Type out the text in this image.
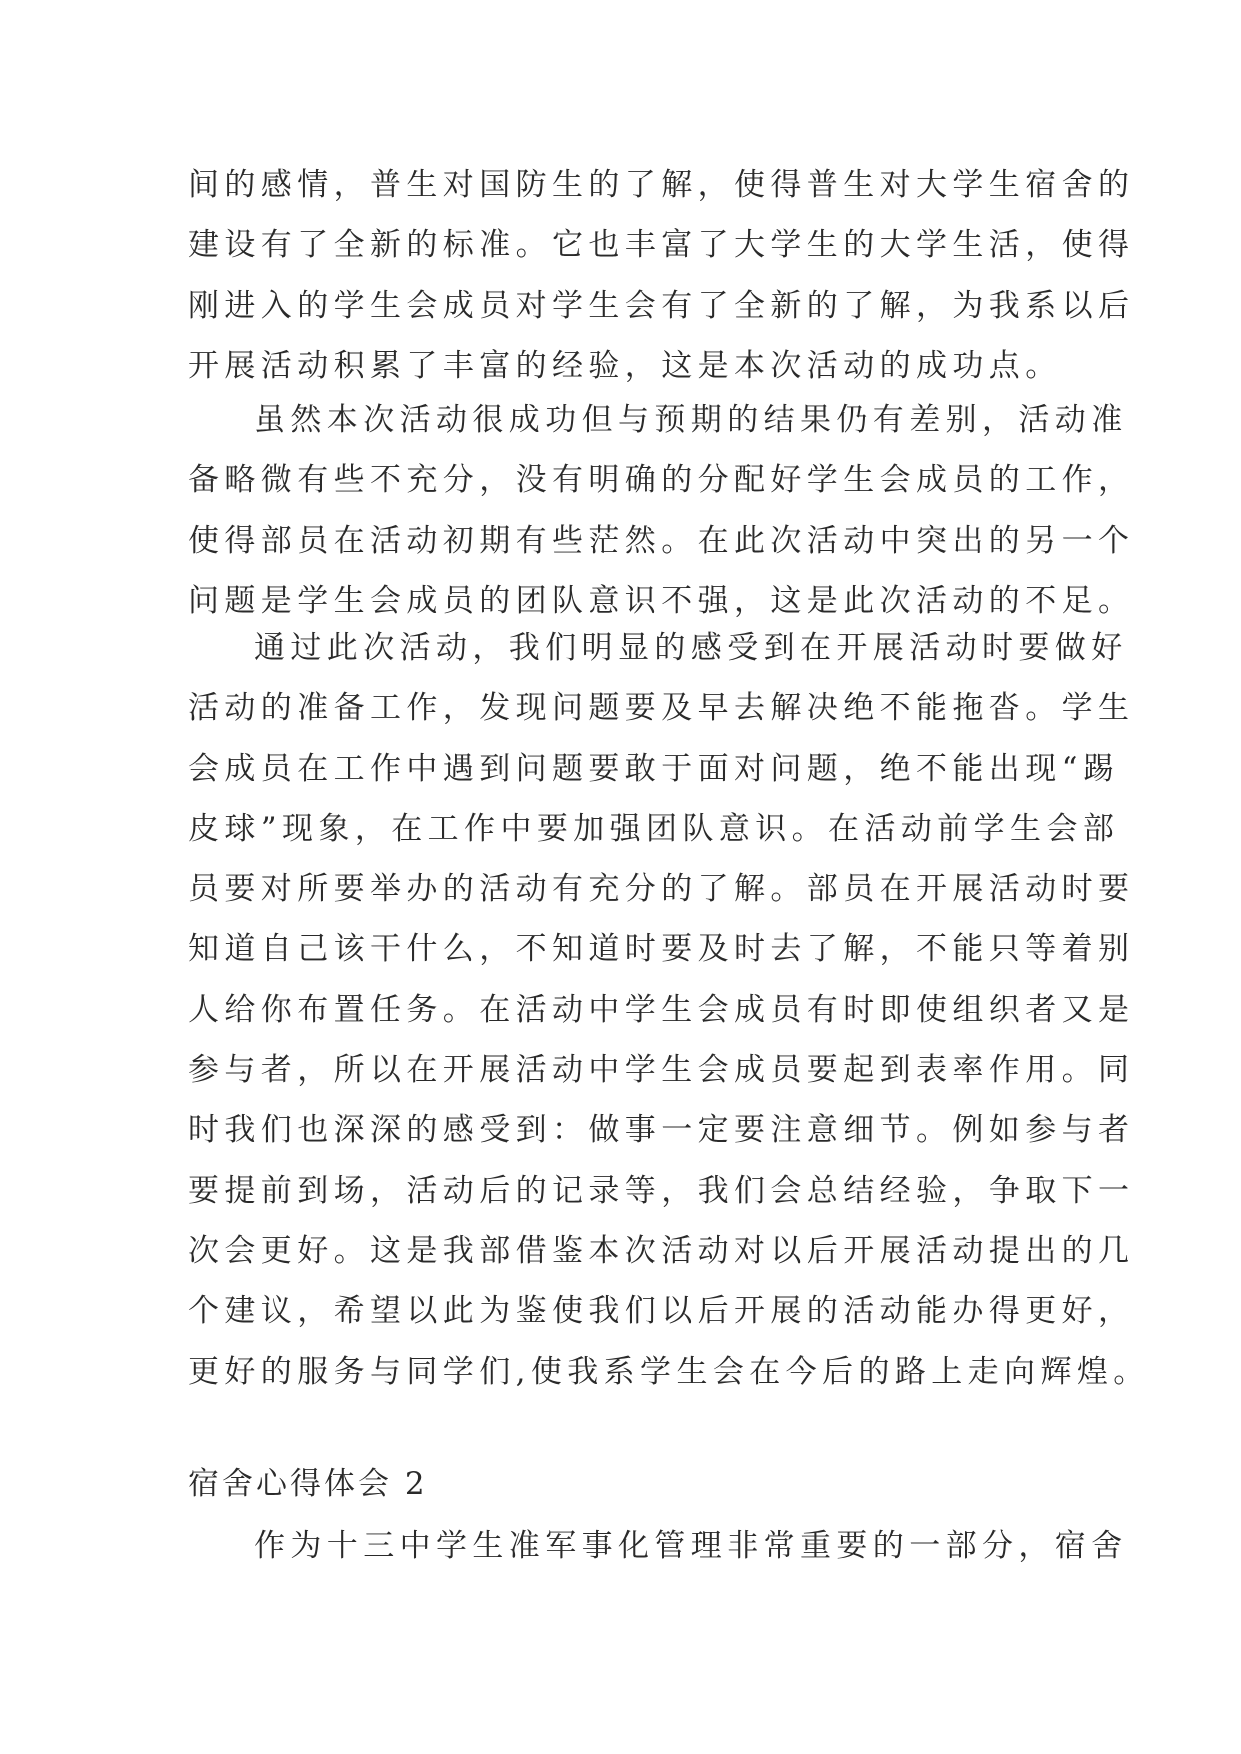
间的感情，普生对国防生的了解，使得普生对大学生宿舍的
建设有了全新的标准。它也丰富了大学生的大学生活，使得
刚进入的学生会成员对学生会有了全新的了解，为我系以后
开展活动积累了丰富的经验，这是本次活动的成功点。
虽然本次活动很成功但与预期的结果仍有差别，活动准
备略微有些不充分，没有明确的分配好学生会成员的工作，
使得部员在活动初期有些茫然。在此次活动中突出的另一个
问题是学生会成员的团队意识不强，这是此次活动的不足。
通过此次活动，我们明显的感受到在开展活动时要做好
活动的准备工作，发现问题要及早去解决绝不能拖沓。学生
会成员在工作中遇到问题要敢于面对问题，绝不能出现“踢
皮球”现象，在工作中要加强团队意识。在活动前学生会部
员要对所要举办的活动有充分的了解。部员在开展活动时要
知道自己该干什么，不知道时要及时去了解，不能只等着别
人给你布置任务。在活动中学生会成员有时即使组织者又是
参与者，所以在开展活动中学生会成员要起到表率作用。同
时我们也深深的感受到：做事一定要注意细节。例如参与者
要提前到场，活动后的记录等，我们会总结经验，争取下一
次会更好。这是我部借鉴本次活动对以后开展活动提出的几
个建议，希望以此为鉴使我们以后开展的活动能办得更好，
更好的服务与同学们,使我系学生会在今后的路上走向辉煌。
宿舍心得体会 2
作为十三中学生准军事化管理非常重要的一部分，宿舍
